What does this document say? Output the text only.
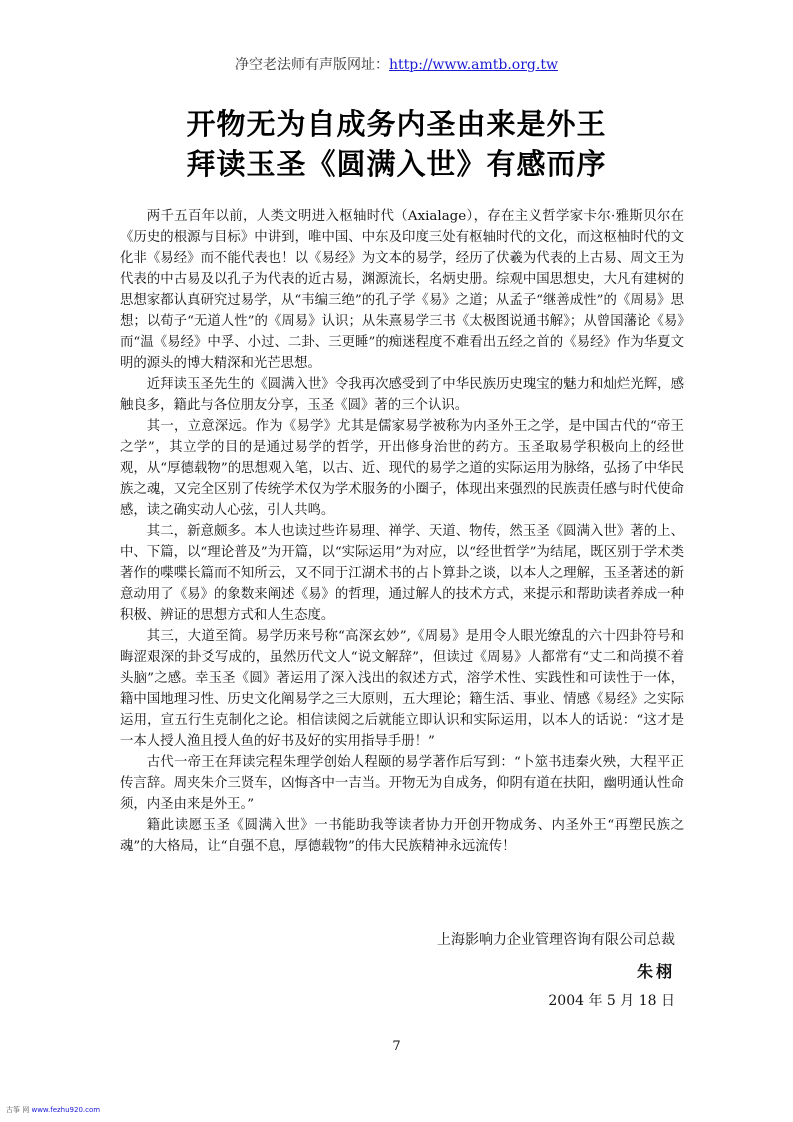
净空老法师有声版网址：http://www.amtb.org.tw
开物无为自成务内圣由来是外王
拜读玉圣《圆满入世》有感而序

两千五百年以前，人类文明进入枢轴时代（Axialage），存在主义哲学家卡尔·雅斯贝尔在《历史的根源与目标》中讲到，唯中国、中东及印度三处有枢轴时代的文化，而这枢柚时代的文化非《易经》而不能代表也！以《易经》为文本的易学，经历了伏羲为代表的上古易、周文王为代表的中古易及以孔子为代表的近古易，渊源流长，名炳史册。综观中国思想史，大凡有建树的思想家都认真研究过易学，从“韦编三绝”的孔子学《易》之道；从孟子“继善成性”的《周易》思想；以荀子“无道人性”的《周易》认识；从朱熹易学三书《太极图说通书解》；从曾国藩论《易》而“温《易经》中孚、小过、二卦、三更睡”的痴迷程度不难看出五经之首的《易经》作为华夏文明的源头的博大精深和光芒思想。

近拜读玉圣先生的《圆满入世》令我再次感受到了中华民族历史瑰宝的魅力和灿烂光辉，感触良多，籍此与各位朋友分享，玉圣《圆》著的三个认识。

其一，立意深远。作为《易学》尤其是儒家易学被称为内圣外王之学，是中国古代的“帝王之学”，其立学的目的是通过易学的哲学，开出修身治世的药方。玉圣取易学积极向上的经世观，从“厚德载物”的思想观入笔，以古、近、现代的易学之道的实际运用为脉络，弘扬了中华民族之魂，又完全区别了传统学术仅为学术服务的小圈子，体现出来强烈的民族责任感与时代使命感，读之确实动人心弦，引人共鸣。

其二，新意颇多。本人也读过些许易理、禅学、天道、物传，然玉圣《圆满入世》著的上、中、下篇，以“理论普及”为开篇，以“实际运用”为对应，以“经世哲学”为结尾，既区别于学术类著作的喋喋长篇而不知所云，又不同于江湖术书的占卜算卦之谈，以本人之理解，玉圣著述的新意动用了《易》的象数来阐述《易》的哲理，通过解人的技术方式，来提示和帮助读者养成一种积极、辨证的思想方式和人生态度。

其三，大道至简。易学历来号称“高深玄妙”,《周易》是用令人眼光缭乱的六十四卦符号和晦涩艰深的卦爻写成的，虽然历代文人“说文解辞”，但读过《周易》人都常有“丈二和尚摸不着头脑”之感。幸玉圣《圆》著运用了深入浅出的叙述方式，溶学术性、实践性和可读性于一体，籍中国地理习性、历史文化阐易学之三大原则，五大理论；籍生活、事业、情感《易经》之实际运用，宣五行生克制化之论。相信读阅之后就能立即认识和实际运用，以本人的话说：“这才是一本人授人渔且授人鱼的好书及好的实用指导手册！”

古代一帝王在拜读完程朱理学创始人程颐的易学著作后写到：“卜筮书违秦火殃，大程平正传言辞。周夹朱介三贤车，凶悔吝中一吉当。开物无为自成务，仰阴有道在扶阳，幽明通认性命须，内圣由来是外王。”

籍此读愿玉圣《圆满入世》一书能助我等读者协力开创开物成务、内圣外王“再塑民族之魂”的大格局，让“自强不息，厚德载物”的伟大民族精神永远流传！

上海影响力企业管理咨询有限公司总裁
朱栩
2004 年 5 月 18 日
7
古筝 网 www.fezhu920.com
